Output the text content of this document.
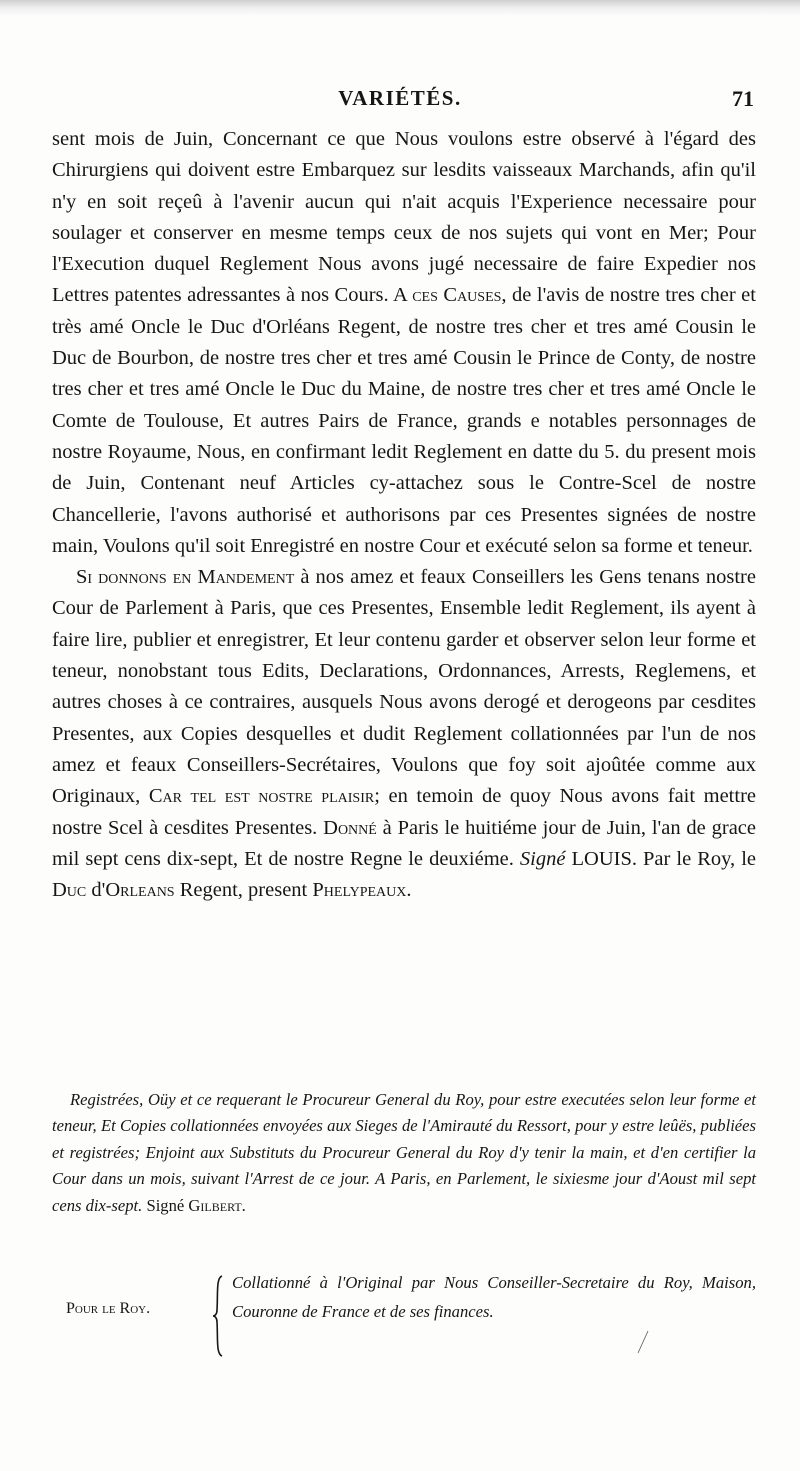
VARIÉTÉS.	71

sent mois de Juin, Concernant ce que Nous voulons estre observé à l'égard des Chirurgiens qui doivent estre Embarquez sur lesdits vaisseaux Marchands, afin qu'il n'y en soit reçeû à l'avenir aucun qui n'ait acquis l'Experience necessaire pour soulager et conserver en mesme temps ceux de nos sujets qui vont en Mer; Pour l'Execution duquel Reglement Nous avons jugé necessaire de faire Expedier nos Lettres patentes adressantes à nos Cours. A ces Causes, de l'avis de nostre tres cher et très amé Oncle le Duc d'Orléans Regent, de nostre tres cher et tres amé Cousin le Duc de Bourbon, de nostre tres cher et tres amé Cousin le Prince de Conty, de nostre tres cher et tres amé Oncle le Duc du Maine, de nostre tres cher et tres amé Oncle le Comte de Toulouse, Et autres Pairs de France, grands e notables personnages de nostre Royaume, Nous, en confirmant ledit Reglement en datte du 5. du present mois de Juin, Contenant neuf Articles cy-attachez sous le Contre-Scel de nostre Chancellerie, l'avons authorisé et authorisons par ces Presentes signées de nostre main, Voulons qu'il soit Enregistré en nostre Cour et exécuté selon sa forme et teneur.

Si donnons en Mandement à nos amez et feaux Conseillers les Gens tenans nostre Cour de Parlement à Paris, que ces Presentes, Ensemble ledit Reglement, ils ayent à faire lire, publier et enregistrer, Et leur contenu garder et observer selon leur forme et teneur, nonobstant tous Edits, Declarations, Ordonnances, Arrests, Reglemens, et autres choses à ce contraires, ausquels Nous avons derogé et derogeons par cesdites Presentes, aux Copies desquelles et dudit Reglement collationnées par l'un de nos amez et feaux Conseillers-Secrétaires, Voulons que foy soit ajoûtée comme aux Originaux, Car tel est nostre plaisir; en temoin de quoy Nous avons fait mettre nostre Scel à cesdites Presentes. Donné à Paris le huitiéme jour de Juin, l'an de grace mil sept cens dix-sept, Et de nostre Regne le deuxiéme. Signé LOUIS. Par le Roy, le Duc d'Orleans Regent, present Phelypeaux.

Registrées, Oüy et ce requerant le Procureur General du Roy, pour estre executées selon leur forme et teneur, Et Copies collationnées envoyées aux Sieges de l'Amirauté du Ressort, pour y estre leûës, publiées et registrées; Enjoint aux Substituts du Procureur General du Roy d'y tenir la main, et d'en certifier la Cour dans un mois, suivant l'Arrest de ce jour. A Paris, en Parlement, le sixiesme jour d'Aoust mil sept cens dix-sept. Signé Gilbert.

Pour le Roy.
Collationné à l'Original par Nous Conseiller-Secretaire du Roy, Maison, Couronne de France et de ses finances.
